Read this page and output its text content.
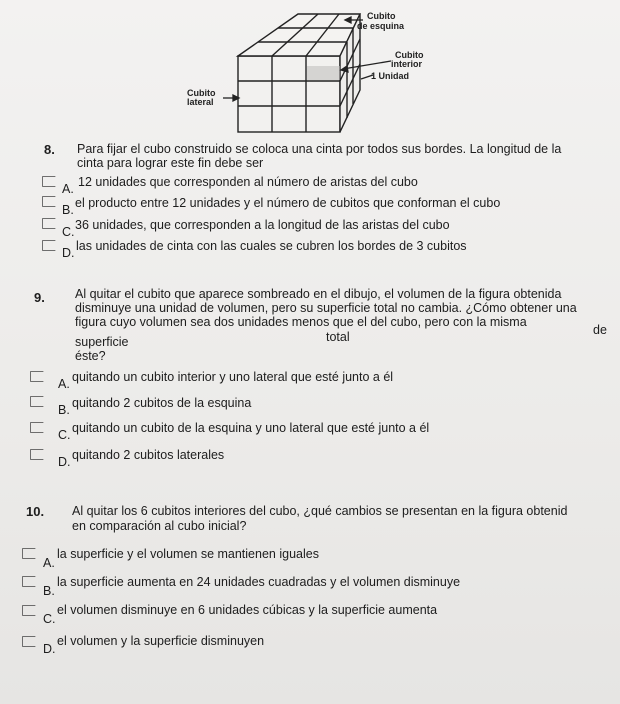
Cubito
de esquina
Cubito
interior
1 Unidad
Cubito
lateral
8. Para fijar el cubo construido se coloca una cinta por todos sus bordes. La longitud de la
cinta para lograr este fin debe ser
A. 12 unidades que corresponden al número de aristas del cubo
B. el producto entre 12 unidades y el número de cubitos que conforman el cubo
C. 36 unidades, que corresponden a la longitud de las aristas del cubo
D. las unidades de cinta con las cuales se cubren los bordes de 3 cubitos
9. Al quitar el cubito que aparece sombreado en el dibujo, el volumen de la figura obtenida
disminuye una unidad de volumen, pero su superficie total no cambia. ¿Cómo obtener una
figura cuyo volumen sea dos unidades menos que el del cubo, pero con la misma
superficie	total	de
éste?
A. quitando un cubito interior y uno lateral que esté junto a él
B. quitando 2 cubitos de la esquina
C. quitando un cubito de la esquina y uno lateral que esté junto a él
D. quitando 2 cubitos laterales
10. Al quitar los 6 cubitos interiores del cubo, ¿qué cambios se presentan en la figura obtenid
en comparación al cubo inicial?
A.
la superficie y el volumen se mantienen iguales
B.
la superficie aumenta en 24 unidades cuadradas y el volumen disminuye
C.
el volumen disminuye en 6 unidades cúbicas y la superficie aumenta
D.
el volumen y la superficie disminuyen
